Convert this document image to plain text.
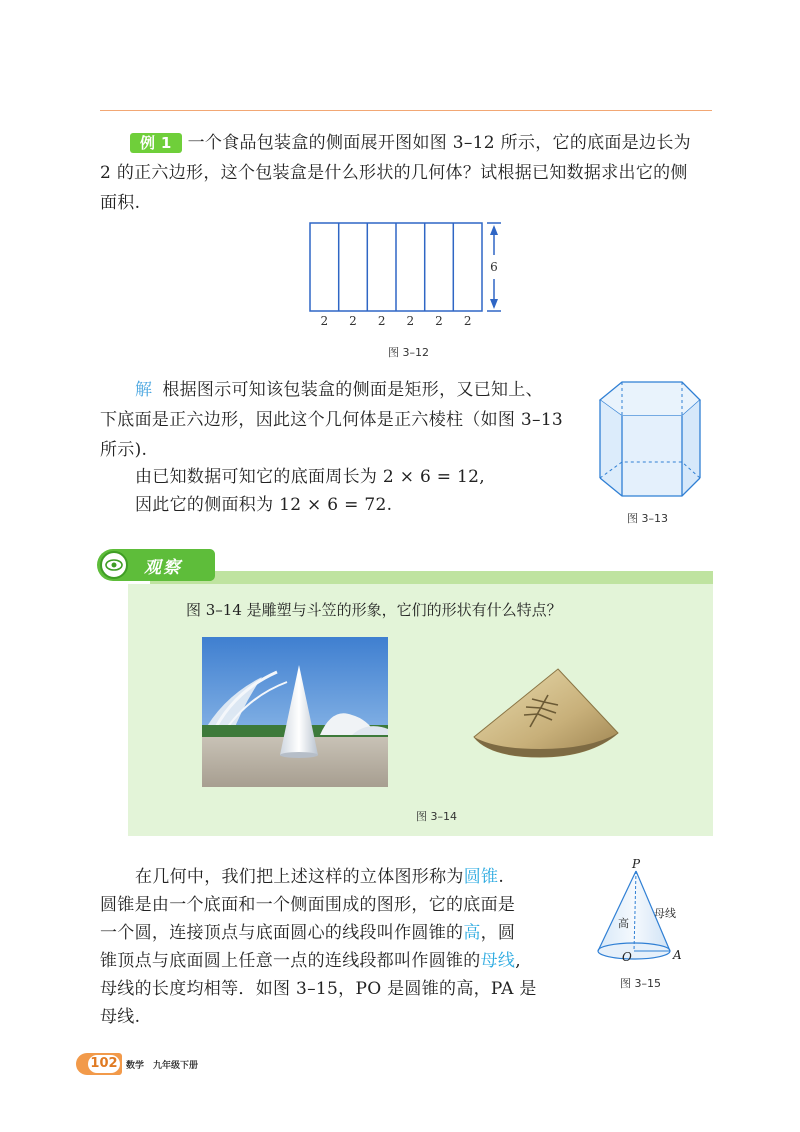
例 1 一个食品包装盒的侧面展开图如图 3–12 所示，它的底面是边长为
2 的正六边形，这个包装盒是什么形状的几何体？试根据已知数据求出它的侧
面积.
6
2 2 2 2 2 2
图 3–12
解 根据图示可知该包装盒的侧面是矩形，又已知上、
下底面是正六边形，因此这个几何体是正六棱柱（如图 3–13
所示).
由已知数据可知它的底面周长为 2 × 6 = 12,
因此它的侧面积为 12 × 6 = 72.
图 3–13
观察
图 3–14 是雕塑与斗笠的形象，它们的形状有什么特点？
图 3–14
在几何中，我们把上述这样的立体图形称为圆锥.
圆锥是由一个底面和一个侧面围成的图形，它的底面是
一个圆，连接顶点与底面圆心的线段叫作圆锥的高，圆
锥顶点与底面圆上任意一点的连线段都叫作圆锥的母线,
母线的长度均相等．如图 3–15，PO 是圆锥的高，PA 是
母线.
P
O	A
高
母线
图 3–15
102 数学　九年级下册
